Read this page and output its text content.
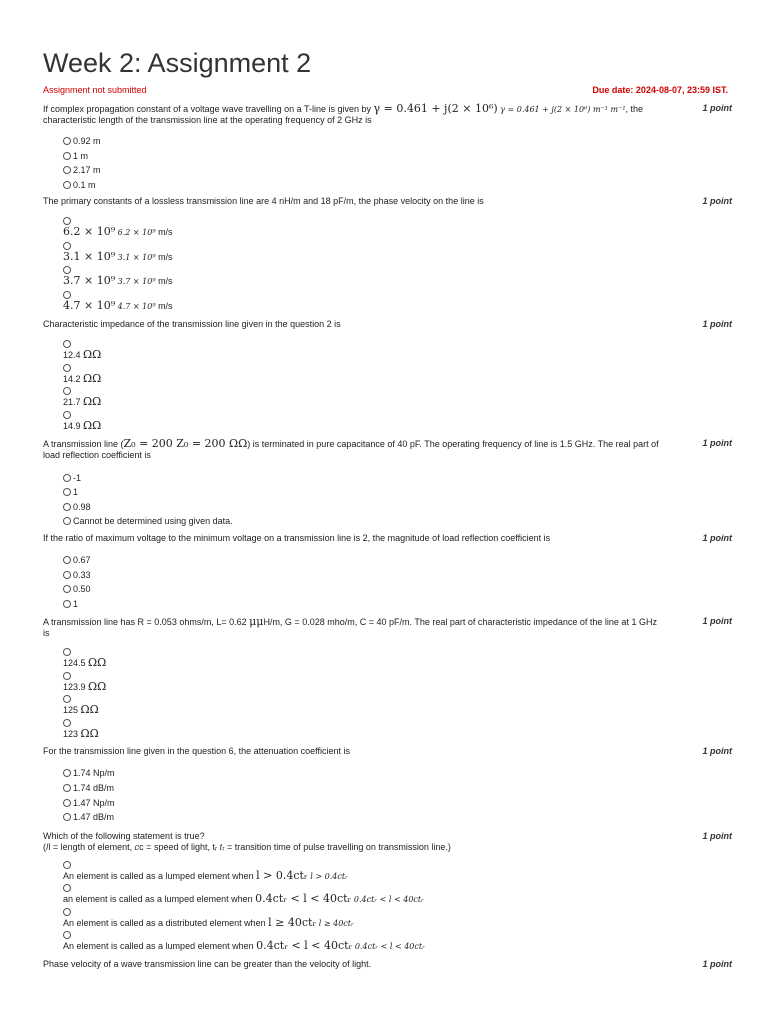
Week 2: Assignment 2
Assignment not submitted	Due date: 2024-08-07, 23:59 IST.
If complex propagation constant of a voltage wave travelling on a T-line is given by γ = 0.461 + j(2 × 10⁶) γ = 0.461 + j(2 × 10⁶) m⁻¹ m⁻¹, the characteristic length of the transmission line at the operating frequency of 2 GHz is
1 point
0.92 m
1 m
2.17 m
0.1 m
The primary constants of a lossless transmission line are 4 nH/m and 18 pF/m, the phase velocity on the line is	1 point
6.2 × 10⁹ 6.2 × 10⁹ m/s
3.1 × 10⁹ 3.1 × 10⁹ m/s
3.7 × 10⁹ 3.7 × 10⁹ m/s
4.7 × 10⁹ 4.7 × 10⁹ m/s
Characteristic impedance of the transmission line given in the question 2 is	1 point
12.4 ΩΩ
14.2 ΩΩ
21.7 ΩΩ
14.9 ΩΩ
A transmission line (Z₀ = 200 Z₀ = 200 ΩΩ) is terminated in pure capacitance of 40 pF. The operating frequency of line is 1.5 GHz. The real part of load reflection coefficient is
1 point
-1
1
0.98
Cannot be determined using given data.
If the ratio of maximum voltage to the minimum voltage on a transmission line is 2, the magnitude of load reflection coefficient is	1 point
0.67
0.33
0.50
1
A transmission line has R = 0.053 ohms/m, L= 0.62 μμH/m, G = 0.028 mho/m, C = 40 pF/m. The real part of characteristic impedance of the line at 1 GHz is
1 point
124.5 ΩΩ
123.9 ΩΩ
125 ΩΩ
123 ΩΩ
For the transmission line given in the question 6, the attenuation coefficient is	1 point
1.74 Np/m
1.74 dB/m
1.47 Np/m
1.47 dB/m
Which of the following statement is true?
(𝑙l = length of element, 𝑐c = speed of light, tᵣ 𝑡ᵣ = transition time of pulse travelling on transmission line.)
1 point
An element is called as a lumped element when l > 0.4ctᵣ l > 0.4ctᵣ
an element is called as a lumped element when 0.4ctᵣ < l < 40ctᵣ 0.4ctᵣ < l < 40ctᵣ
An element is called as a distributed element when l ≥ 40ctᵣ l ≥ 40ctᵣ
An element is called as a lumped element when 0.4ctᵣ < l < 40ctᵣ 0.4ctᵣ < l < 40ctᵣ
Phase velocity of a wave transmission line can be greater than the velocity of light.	1 point
